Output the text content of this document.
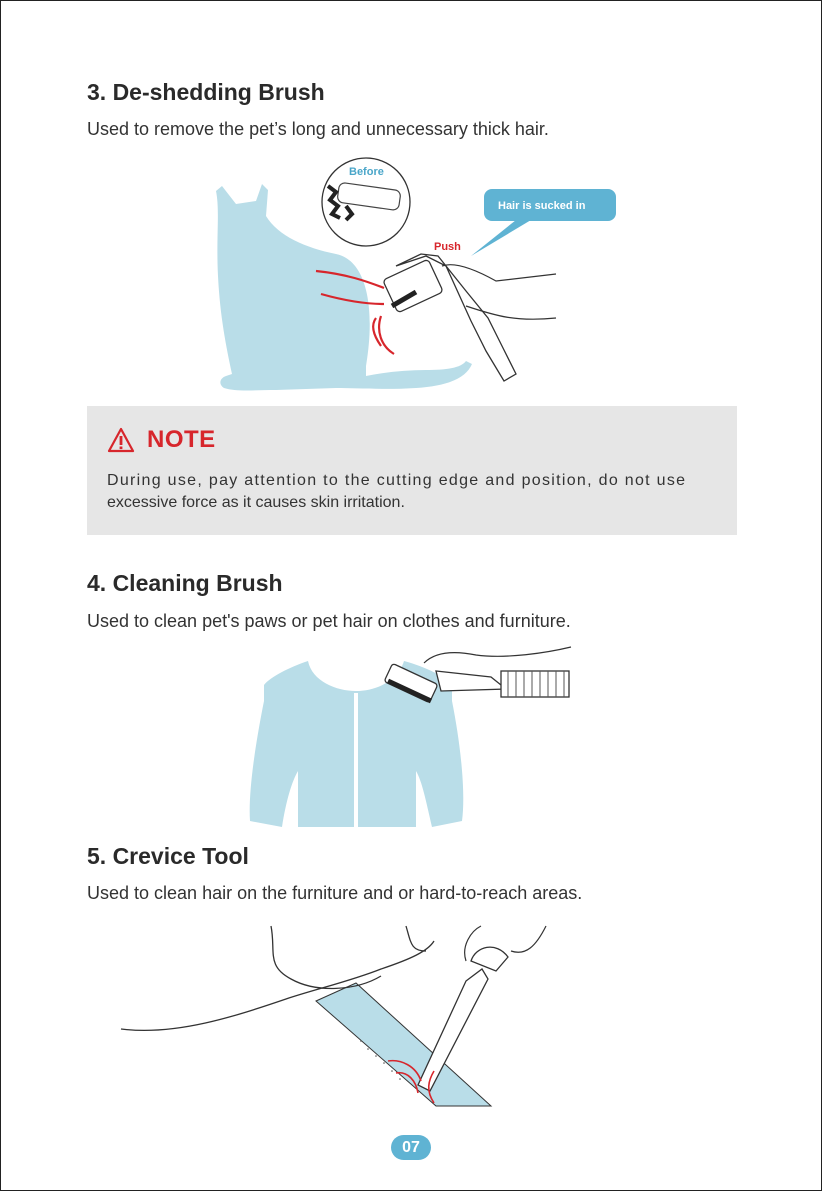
3. De-shedding Brush

Used to remove the pet’s long and unnecessary thick hair.

Before
Hair is sucked in
Push
NOTE
During use, pay attention to the cutting edge and position, do not use
excessive force as it causes skin irritation.
4. Cleaning Brush

Used to clean pet's paws or pet hair on clothes and furniture.

5. Crevice Tool

Used to clean hair on the furniture and or hard-to-reach areas.

07
